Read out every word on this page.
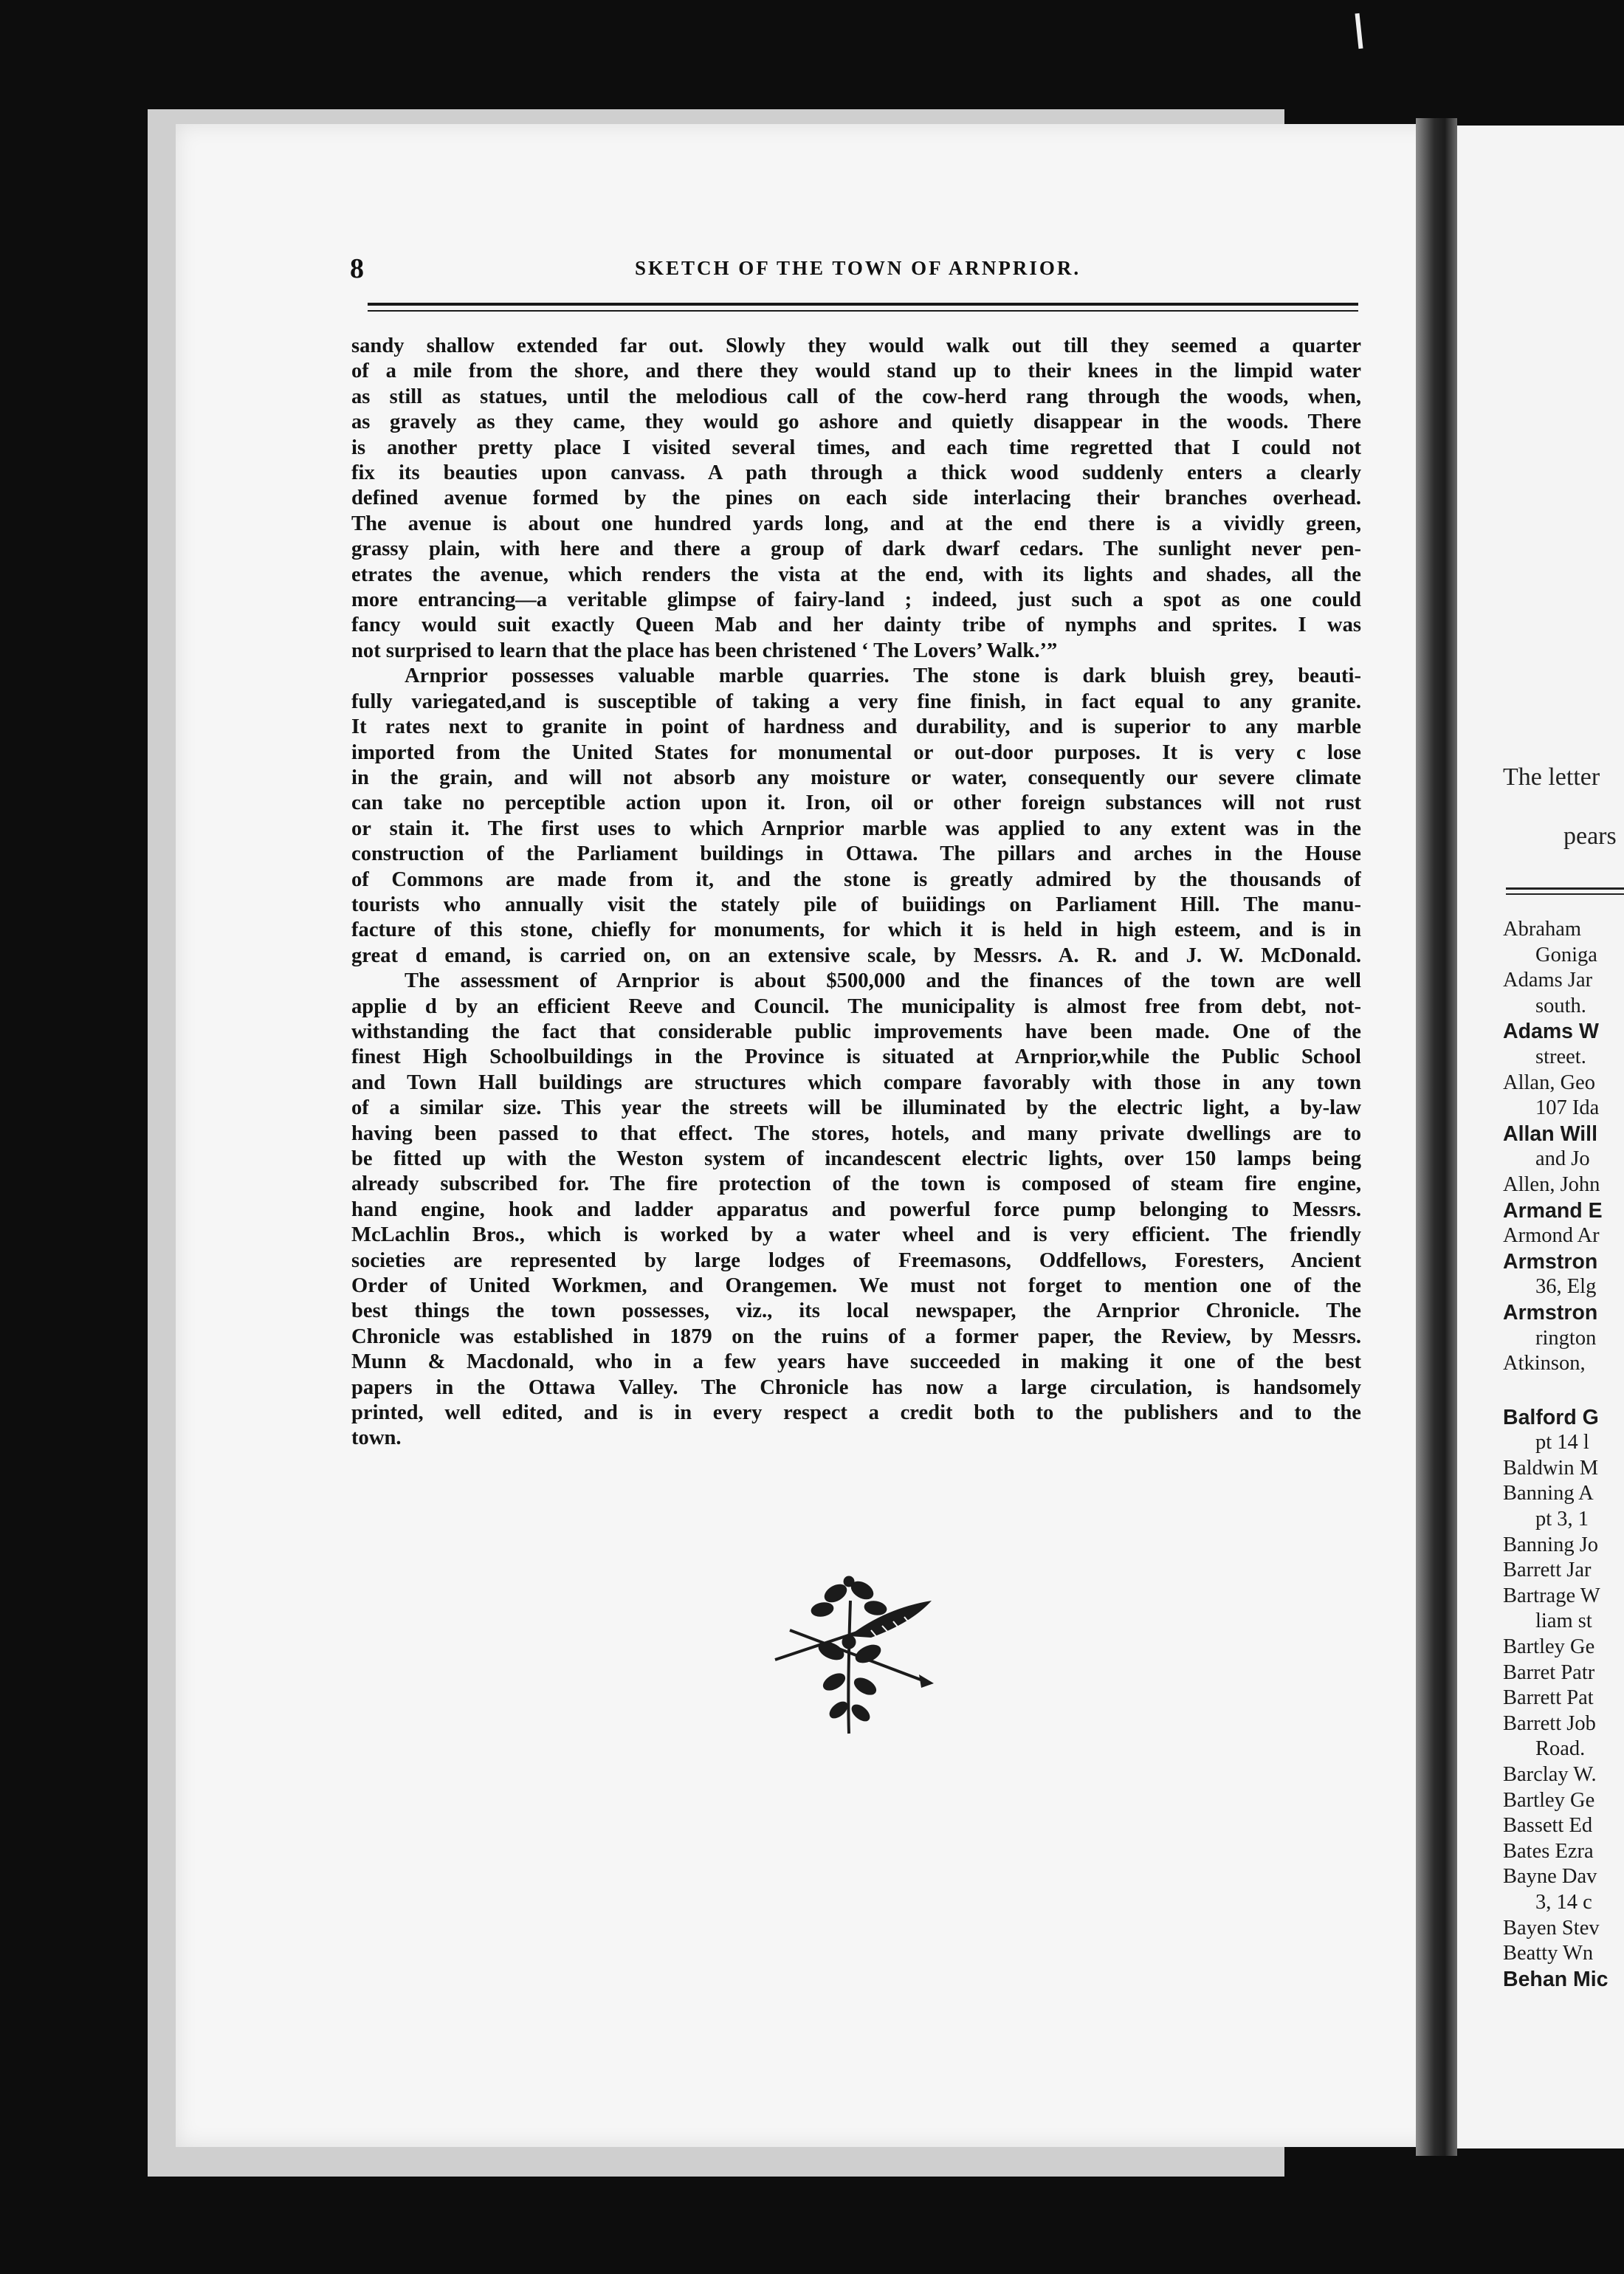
8	SKETCH OF THE TOWN OF ARNPRIOR.
sandy shallow extended far out. Slowly they would walk out till they seemed a quarter
of a mile from the shore, and there they would stand up to their knees in the limpid water
as still as statues, until the melodious call of the cow-herd rang through the woods, when,
as gravely as they came, they would go ashore and quietly disappear in the woods. There
is another pretty place I visited several times, and each time regretted that I could not
fix its beauties upon canvass. A path through a thick wood suddenly enters a clearly
defined avenue formed by the pines on each side interlacing their branches overhead.
The avenue is about one hundred yards long, and at the end there is a vividly green,
grassy plain, with here and there a group of dark dwarf cedars. The sunlight never pen-
etrates the avenue, which renders the vista at the end, with its lights and shades, all the
more entrancing—a veritable glimpse of fairy-land ; indeed, just such a spot as one could
fancy would suit exactly Queen Mab and her dainty tribe of nymphs and sprites. I was
not surprised to learn that the place has been christened ‘ The Lovers’ Walk.’”
Arnprior possesses valuable marble quarries. The stone is dark bluish grey, beauti-
fully variegated,and is susceptible of taking a very fine finish, in fact equal to any granite.
It rates next to granite in point of hardness and durability, and is superior to any marble
imported from the United States for monumental or out-door purposes. It is very c lose
in the grain, and will not absorb any moisture or water, consequently our severe climate
can take no perceptible action upon it. Iron, oil or other foreign substances will not rust
or stain it. The first uses to which Arnprior marble was applied to any extent was in the
construction of the Parliament buildings in Ottawa. The pillars and arches in the House
of Commons are made from it, and the stone is greatly admired by the thousands of
tourists who annually visit the stately pile of buiidings on Parliament Hill. The manu-
facture of this stone, chiefly for monuments, for which it is held in high esteem, and is in
great d emand, is carried on, on an extensive scale, by Messrs. A. R. and J. W. McDonald.
The assessment of Arnprior is about $500,000 and the finances of the town are well
applie d by an efficient Reeve and Council. The municipality is almost free from debt, not-
withstanding the fact that considerable public improvements have been made. One of the
finest High Schoolbuildings in the Province is situated at Arnprior,while the Public School
and Town Hall buildings are structures which compare favorably with those in any town
of a similar size. This year the streets will be illuminated by the electric light, a by-law
having been passed to that effect. The stores, hotels, and many private dwellings are to
be fitted up with the Weston system of incandescent electric lights, over 150 lamps being
already subscribed for. The fire protection of the town is composed of steam fire engine,
hand engine, hook and ladder apparatus and powerful force pump belonging to Messrs.
McLachlin Bros., which is worked by a water wheel and is very efficient. The friendly
societies are represented by large lodges of Freemasons, Oddfellows, Foresters, Ancient
Order of United Workmen, and Orangemen. We must not forget to mention one of the
best things the town possesses, viz., its local newspaper, the Arnprior Chronicle. The
Chronicle was established in 1879 on the ruins of a former paper, the Review, by Messrs.
Munn & Macdonald, who in a few years have succeeded in making it one of the best
papers in the Ottawa Valley. The Chronicle has now a large circulation, is handsomely
printed, well edited, and is in every respect a credit both to the publishers and to the
town.
The letter
pears
Abraham
Goniga
Adams Jar
south.
Adams W
street.
Allan, Geo
107 Ida
Allan Will
and Jo
Allen, John
Armand E
Armond Ar
Armstron
36, Elg
Armstron
rington
Atkinson,
Balford G
pt 14 l
Baldwin M
Banning A
pt 3, 1
Banning Jo
Barrett Jar
Bartrage W
liam st
Bartley Ge
Barret Patr
Barrett Pat
Barrett Job
Road.
Barclay W.
Bartley Ge
Bassett Ed
Bates Ezra
Bayne Dav
3, 14 c
Bayen Stev
Beatty Wn
Behan Mic
